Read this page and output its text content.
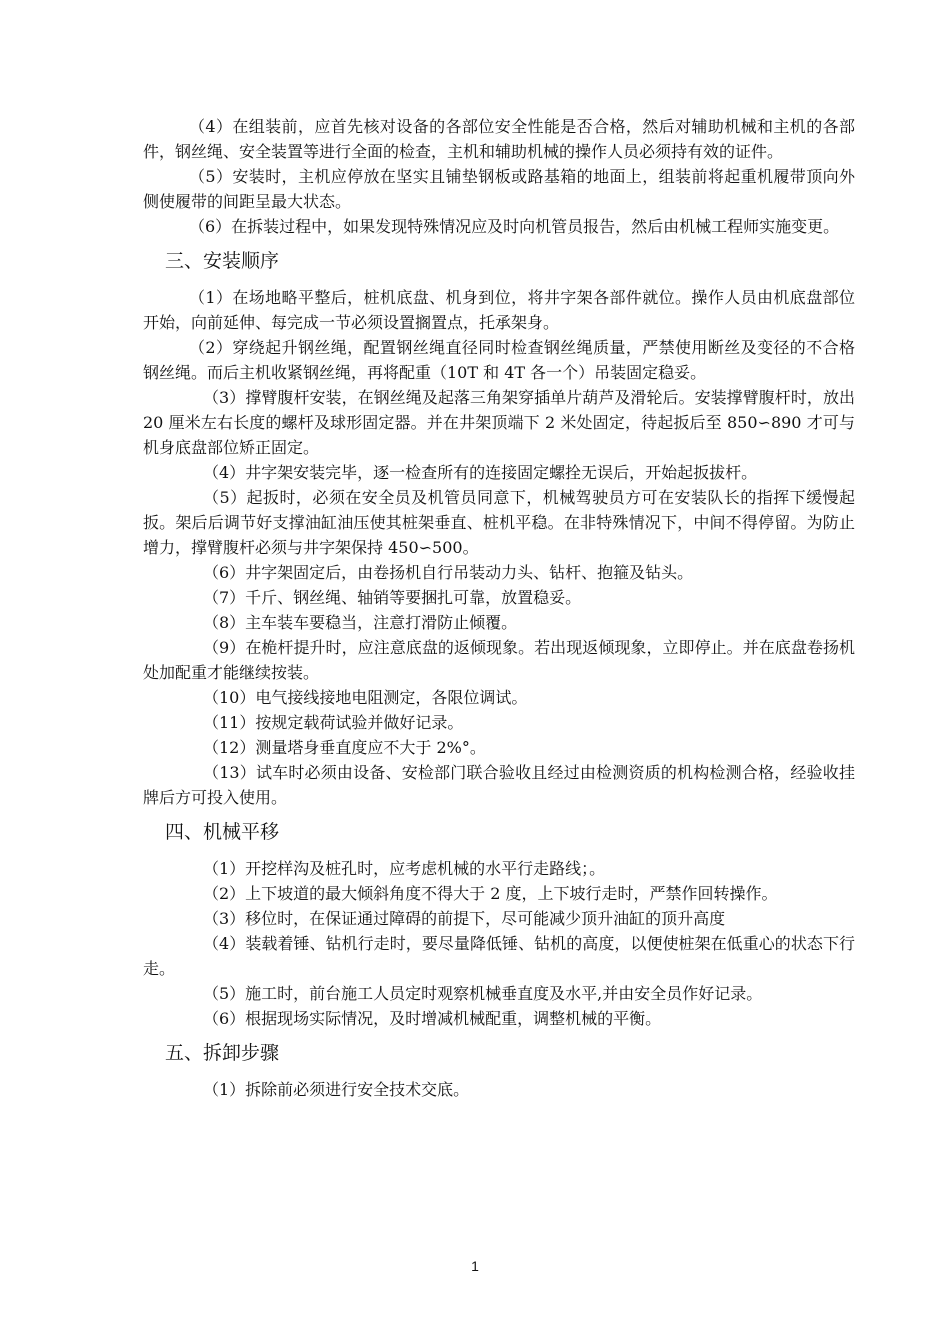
（4）在组装前，应首先核对设备的各部位安全性能是否合格，然后对辅助机械和主机的各部件，钢丝绳、安全装置等进行全面的检查，主机和辅助机械的操作人员必须持有效的证件。

（5）安装时，主机应停放在坚实且铺垫钢板或路基箱的地面上，组装前将起重机履带顶向外侧使履带的间距呈最大状态。

（6）在拆装过程中，如果发现特殊情况应及时向机管员报告，然后由机械工程师实施变更。

三、安装顺序

（1）在场地略平整后，桩机底盘、机身到位，将井字架各部件就位。操作人员由机底盘部位开始，向前延伸、每完成一节必须设置搁置点，托承架身。

（2）穿绕起升钢丝绳，配置钢丝绳直径同时检查钢丝绳质量，严禁使用断丝及变径的不合格钢丝绳。而后主机收紧钢丝绳，再将配重（10T 和 4T 各一个）吊装固定稳妥。

（3）撑臂腹杆安装，在钢丝绳及起落三角架穿插单片葫芦及滑轮后。安装撑臂腹杆时，放出 20 厘米左右长度的螺杆及球形固定器。并在井架顶端下 2 米处固定，待起扳后至 850∽890 才可与机身底盘部位矫正固定。

（4）井字架安装完毕，逐一检查所有的连接固定螺拴无误后，开始起扳拔杆。

（5）起扳时，必须在安全员及机管员同意下，机械驾驶员方可在安装队长的指挥下缓慢起扳。架后后调节好支撑油缸油压使其桩架垂直、桩机平稳。在非特殊情况下，中间不得停留。为防止增力，撑臂腹杆必须与井字架保持 450∽500。

（6）井字架固定后，由卷扬机自行吊装动力头、钻杆、抱箍及钻头。

（7）千斤、钢丝绳、轴销等要捆扎可靠，放置稳妥。

（8）主车装车要稳当，注意打滑防止倾覆。

（9）在桅杆提升时，应注意底盘的返倾现象。若出现返倾现象，立即停止。并在底盘卷扬机处加配重才能继续按装。

（10）电气接线接地电阻测定，各限位调试。

（11）按规定载荷试验并做好记录。

（12）测量塔身垂直度应不大于 2%°。

（13）试车时必须由设备、安检部门联合验收且经过由检测资质的机构检测合格，经验收挂牌后方可投入使用。

四、机械平移

（1）开挖样沟及桩孔时，应考虑机械的水平行走路线；。

（2）上下坡道的最大倾斜角度不得大于 2 度，上下坡行走时，严禁作回转操作。

（3）移位时，在保证通过障碍的前提下，尽可能减少顶升油缸的顶升高度

（4）装载着锤、钻机行走时，要尽量降低锤、钻机的高度，以便使桩架在低重心的状态下行走。

（5）施工时，前台施工人员定时观察机械垂直度及水平,并由安全员作好记录。

（6）根据现场实际情况，及时增减机械配重，调整机械的平衡。

五、拆卸步骤

（1）拆除前必须进行安全技术交底。

1
